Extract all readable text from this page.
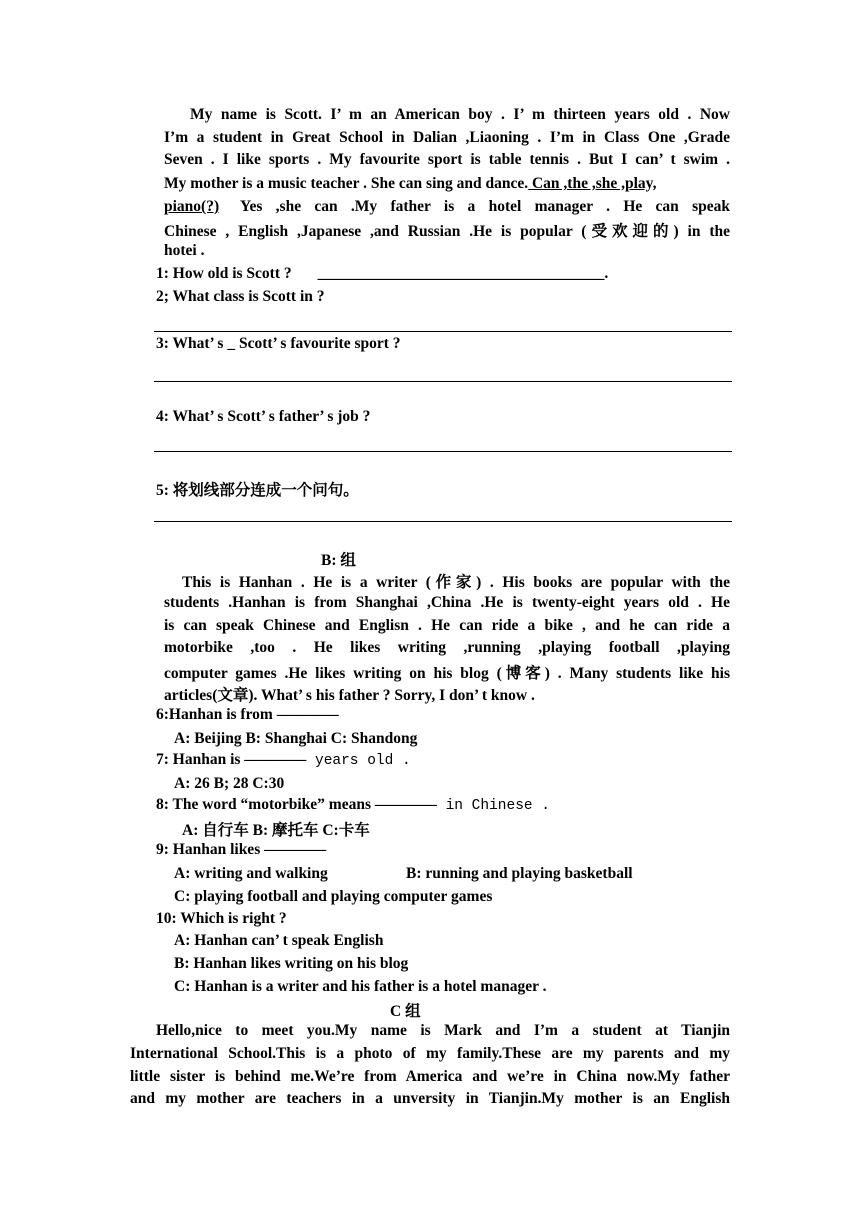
My name is Scott. I’ m an American boy . I’ m thirteen years old . Now
I’m a student in Great School in Dalian ,Liaoning . I’m in Class One ,Grade
Seven . I like sports . My favourite sport is table tennis . But I can’ t swim .
My mother is a music teacher . She can sing and dance. Can ,the ,she ,play,
piano(?) Yes ,she can .My father is a hotel manager . He can speak
Chinese , English ,Japanese ,and Russian .He is popular (受欢迎的) in the
hotei .
1: How old is Scott ? _____________________________________.
2; What class is Scott in ?
3: What’ s _ Scott’ s favourite sport ?
4: What’ s Scott’ s father’ s job ?
5: 将划线部分连成一个问句。
B: 组
This is Hanhan . He is a writer (作家) . His books are popular with the
students .Hanhan is from Shanghai ,China .He is twenty-eight years old . He
is can speak Chinese and Englisn . He can ride a bike , and he can ride a
motorbike ,too . He likes writing ,running ,playing football ,playing
computer games .He likes writing on his blog (博客) . Many students like his
articles(文章). What’ s his father ? Sorry, I don’ t know .
6:Hanhan is from ————
A: Beijing B: Shanghai C: Shandong
7: Hanhan is ———— years old .
A: 26 B; 28 C:30
8: The word “motorbike” means ———— in Chinese .
A: 自行车 B: 摩托车 C:卡车
9: Hanhan likes ————
A: writing and walking	B: running and playing basketball
C: playing football and playing computer games
10: Which is right ?
A: Hanhan can’ t speak English
B: Hanhan likes writing on his blog
C: Hanhan is a writer and his father is a hotel manager .
C 组
Hello,nice to meet you.My name is Mark and I’m a student at Tianjin
International School.This is a photo of my family.These are my parents and my
little sister is behind me.We’re from America and we’re in China now.My father
and my mother are teachers in a unversity in Tianjin.My mother is an English
